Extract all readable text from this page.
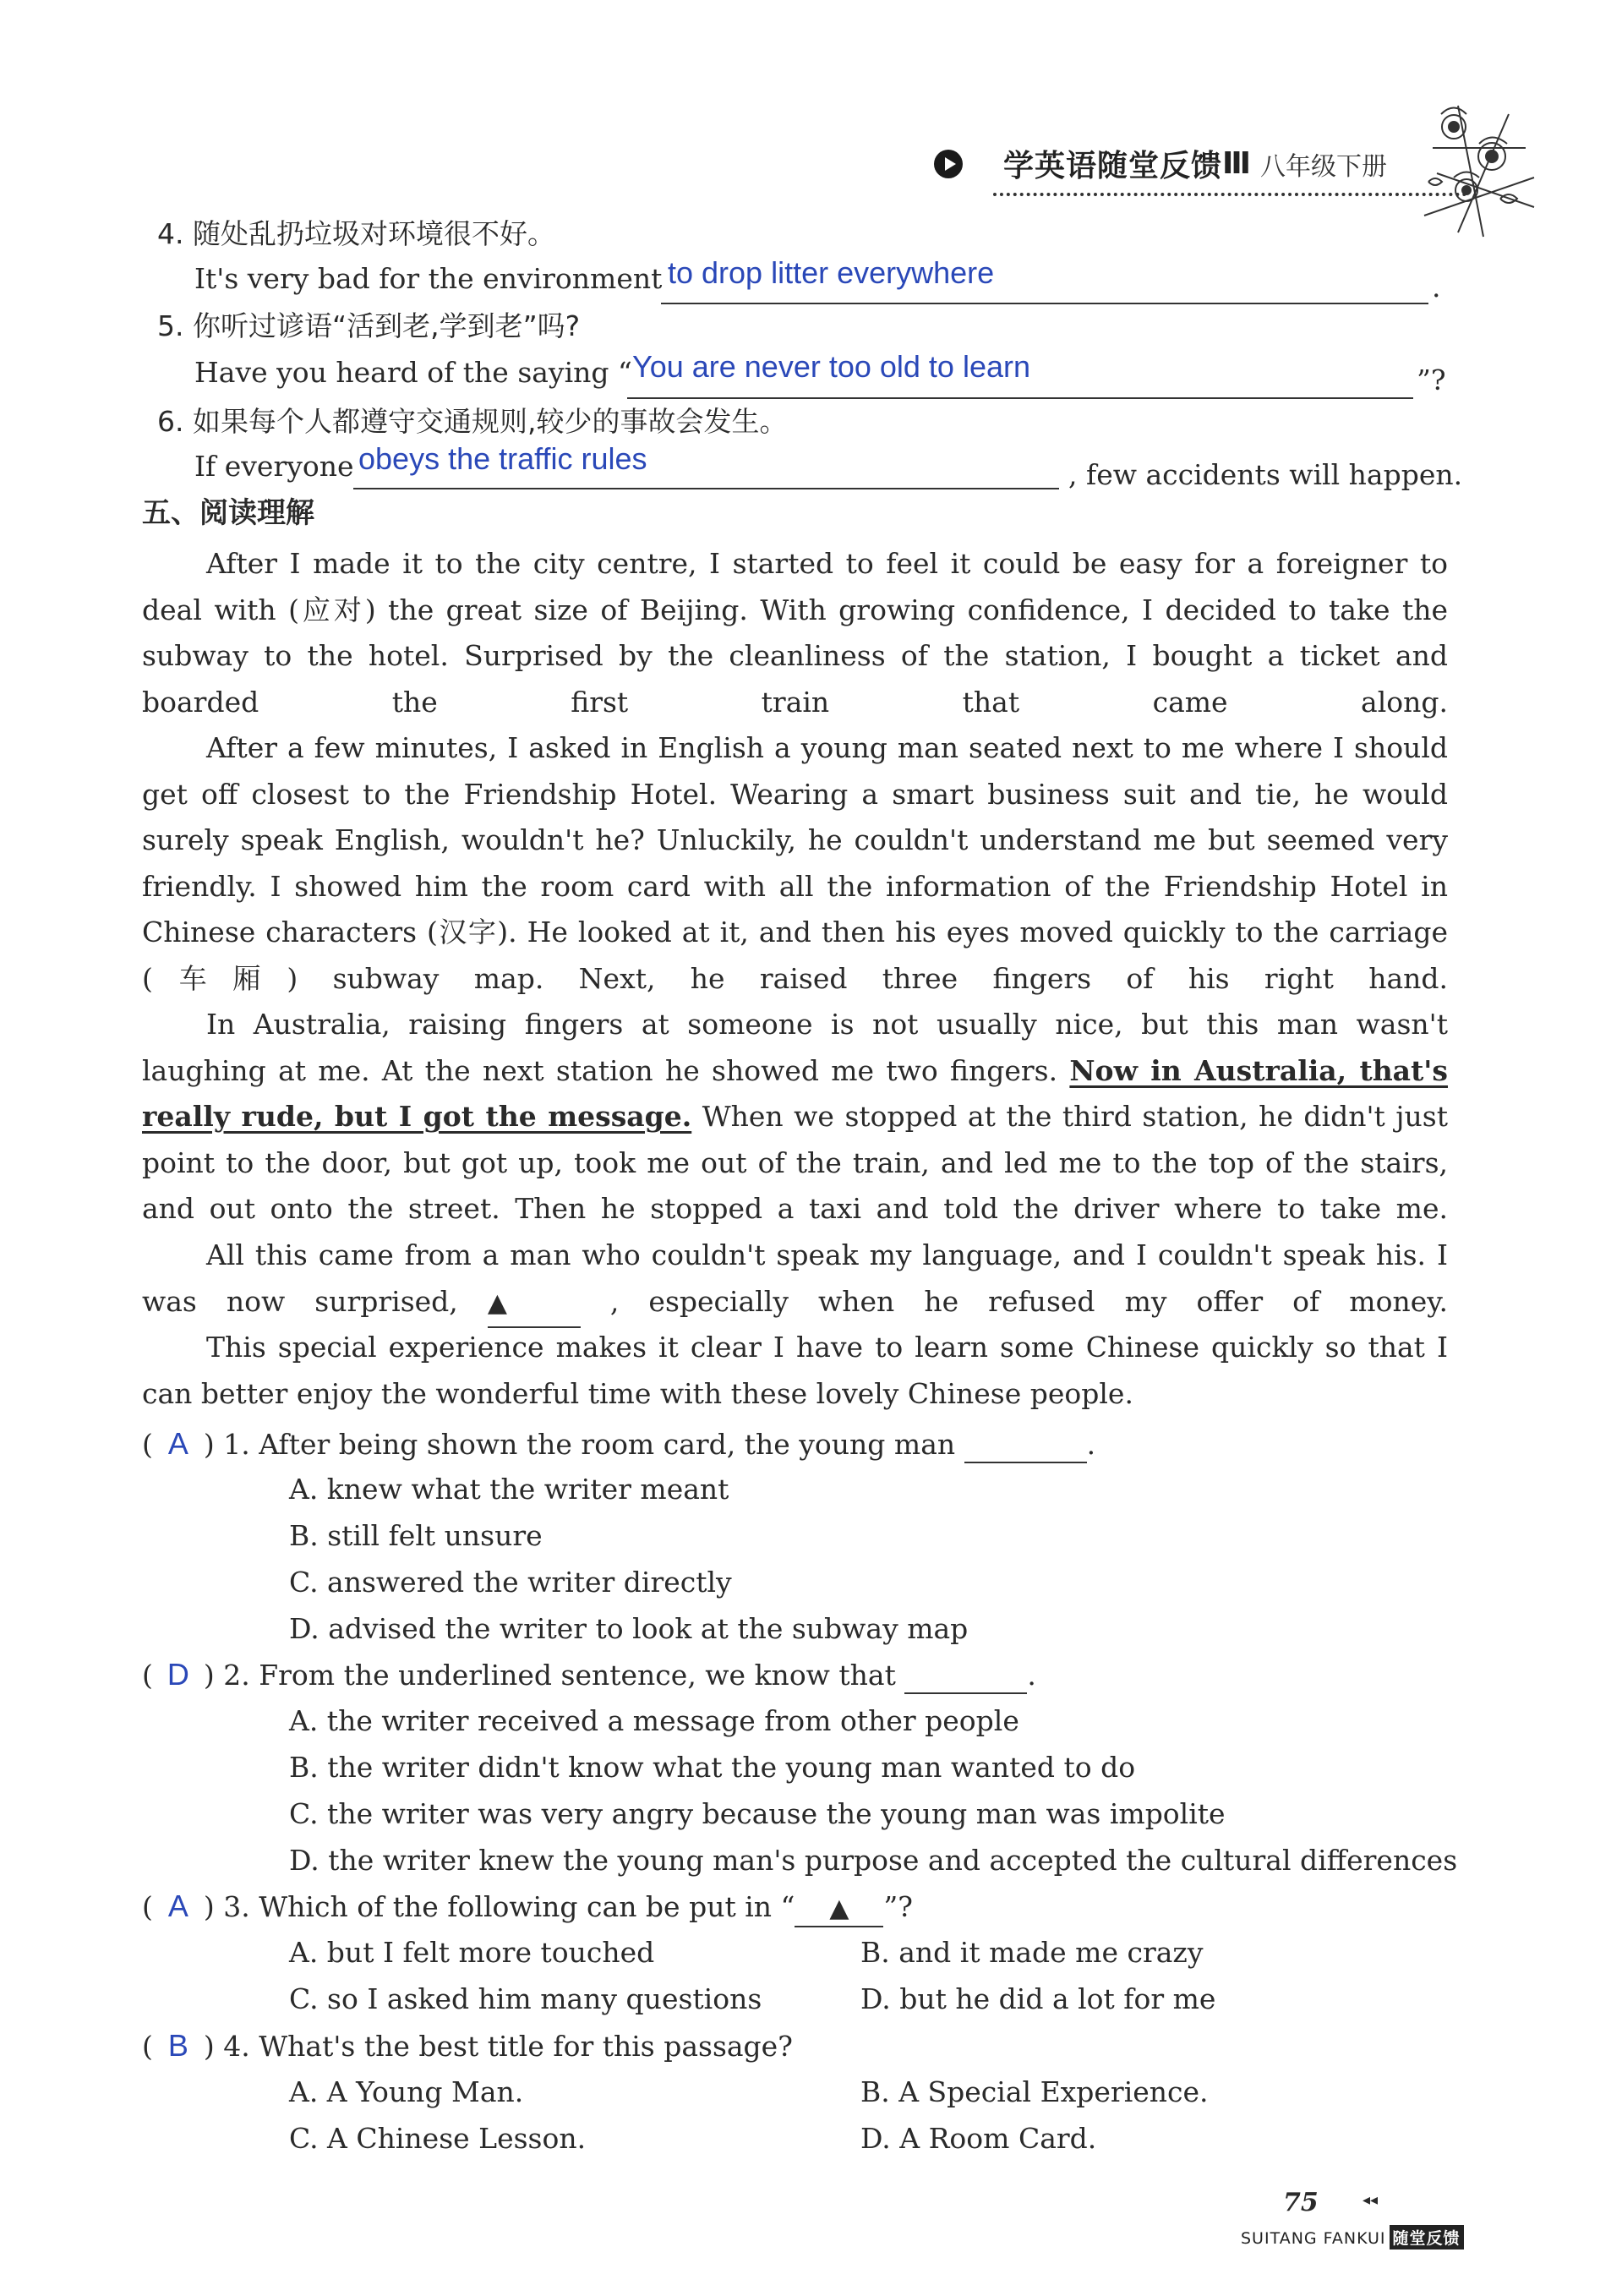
学英语随堂反馈 Ⅲ 八年级下册
4. 随处乱扔垃圾对环境很不好。
It's very bad for the environment to drop litter everywhere	.
5. 你听过谚语“活到老,学到老”吗?
Have you heard of the saying “ You are never too old to learn	”?
6. 如果每个人都遵守交通规则,较少的事故会发生。
If everyone obeys the traffic rules	, few accidents will happen.
五、阅读理解
After I made it to the city centre, I started to feel it could be easy for a foreigner to deal with (应对) the great size of Beijing. With growing confidence, I decided to take the subway to the hotel. Surprised by the cleanliness of the station, I bought a ticket and boarded the first train that came along.
After a few minutes, I asked in English a young man seated next to me where I should get off closest to the Friendship Hotel. Wearing a smart business suit and tie, he would surely speak English, wouldn't he? Unluckily, he couldn't understand me but seemed very friendly. I showed him the room card with all the information of the Friendship Hotel in Chinese characters (汉字). He looked at it, and then his eyes moved quickly to the carriage (车厢) subway map. Next, he raised three fingers of his right hand.
In Australia, raising fingers at someone is not usually nice, but this man wasn't laughing at me. At the next station he showed me two fingers. Now in Australia, that's really rude, but I got the message. When we stopped at the third station, he didn't just point to the door, but got up, took me out of the train, and led me to the top of the stairs, and out onto the street. Then he stopped a taxi and told the driver where to take me.
All this came from a man who couldn't speak my language, and I couldn't speak his. I was now surprised, ▲	, especially when he refused my offer of money.
This special experience makes it clear I have to learn some Chinese quickly so that I can better enjoy the wonderful time with these lovely Chinese people.
( A ) 1. After being shown the room card, the young man	.
A. knew what the writer meant
B. still felt unsure
C. answered the writer directly
D. advised the writer to look at the subway map
( D ) 2. From the underlined sentence, we know that	.
A. the writer received a message from other people
B. the writer didn't know what the young man wanted to do
C. the writer was very angry because the young man was impolite
D. the writer knew the young man's purpose and accepted the cultural differences
( A ) 3. Which of the following can be put in “ ▲ ”?
A. but I felt more touched	B. and it made me crazy
C. so I asked him many questions	D. but he did a lot for me
( B ) 4. What's the best title for this passage?
A. A Young Man.	B. A Special Experience.
C. A Chinese Lesson.	D. A Room Card.
75	◂◂
SUITANG FANKUI 随堂反馈
